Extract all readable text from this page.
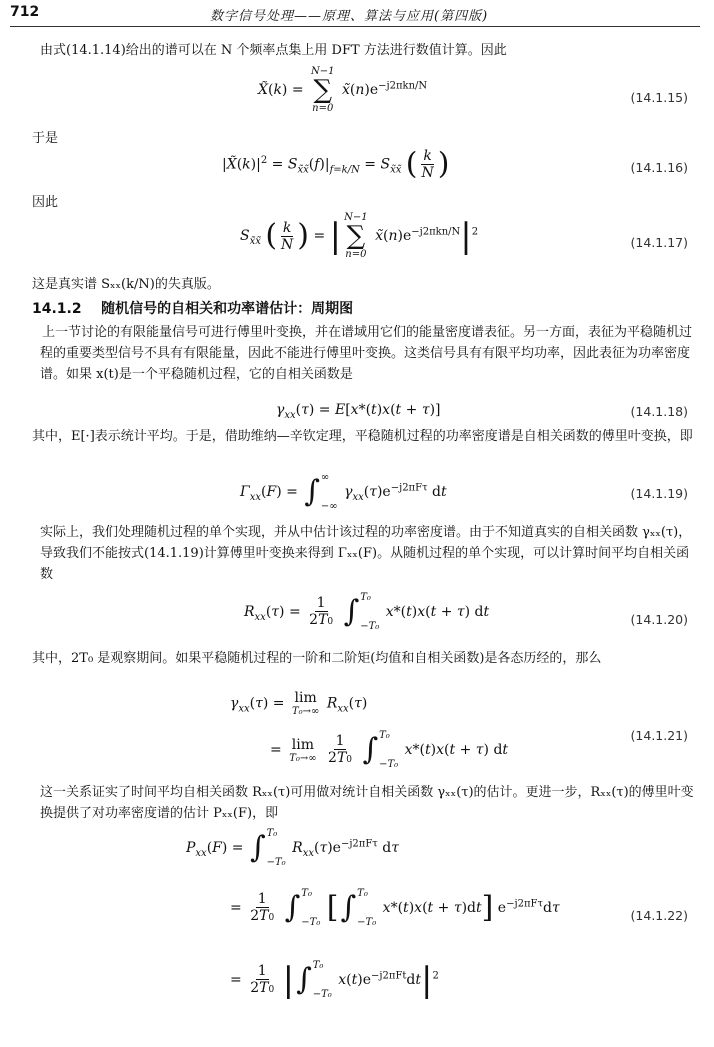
712	数字信号处理——原理、算法与应用(第四版)

由式(14.1.14)给出的谱可以在 N 个频率点集上用 DFT 方法进行数值计算。因此

X̃(k) =
N−1
∑
n=0
$x̃(n)e^{-j2\pi kn/N}$
(14.1.15)

于是

$|X̃(k)|^2 = S_{x̃x̃}(f)|_{f=k/N} = S_{x̃x̃}$ ( $\frac{k}{N}$ )	(14.1.16)

因此

$S_{x̃x̃}$ ( $\frac{k}{N}$ ) = | N−1
∑
n=0
$x̃(n)e^{-j2\pi kn/N}|^2$
(14.1.17)

这是真实谱 Sₓₓ(k/N)的失真版。

14.1.2 随机信号的自相关和功率谱估计：周期图

上一节讨论的有限能量信号可进行傅里叶变换，并在谱域用它们的能量密度谱表征。另一方面，表征为平稳随机过程的重要类型信号不具有有限能量，因此不能进行傅里叶变换。这类信号具有有限平均功率，因此表征为功率密度谱。如果 x(t)是一个平稳随机过程，它的自相关函数是

$\gamma_{xx}(\tau) = E[x*(t)x(t + \tau)]$	(14.1.18)

其中，E[·]表示统计平均。于是，借助维纳—辛钦定理，平稳随机过程的功率密度谱是自相关函数的傅里叶变换，即

$\Gamma_{xx}(F)$ = ∫ ∞
−∞
$\gamma_{xx}(\tau)e^{-j2\pi F\tau}$ dt	(14.1.19)

实际上，我们处理随机过程的单个实现，并从中估计该过程的功率密度谱。由于不知道真实的自相关函数 γₓₓ(τ)，导致我们不能按式(14.1.19)计算傅里叶变换来得到 Γₓₓ(F)。从随机过程的单个实现，可以计算时间平均自相关函数

$R_{xx}(\tau) = \frac{1}{2T0}$
∫ T₀
−T₀
x*(t)x(t + τ) dt	(14.1.20)

其中，2T₀ 是观察期间。如果平稳随机过程的一阶和二阶矩(均值和自相关函数)是各态历经的，那么

$\gamma_{xx}(\tau) = \lim$
T₀→∞ $R_{xx}(\tau)$
= lim
T₀→∞
$\frac{1}{2T0}$
∫ T₀
−T₀
x*(t)x(t + τ) dt
(14.1.21)

这一关系证实了时间平均自相关函数 Rₓₓ(τ)可用做对统计自相关函数 γₓₓ(τ)的估计。更进一步，Rₓₓ(τ)的傅里叶变换提供了对功率密度谱的估计 Pₓₓ(F)，即

$P_{xx}(F)$ = ∫ T₀
−T₀
$R_{xx}(\tau)e^{-j2\pi F\tau}$ dτ
= $\frac{1}{2T0}$
∫ T₀
−T₀ [ ∫ T₀
−T₀
x*(t)x(t + τ)dt] $e^{-j2\pi F\tau}d\tau$	(14.1.22)
= $\frac{1}{2T0}$ | ∫ T₀
−T₀
$x(t)e^{-j2\pi Ft}dt|^2$
